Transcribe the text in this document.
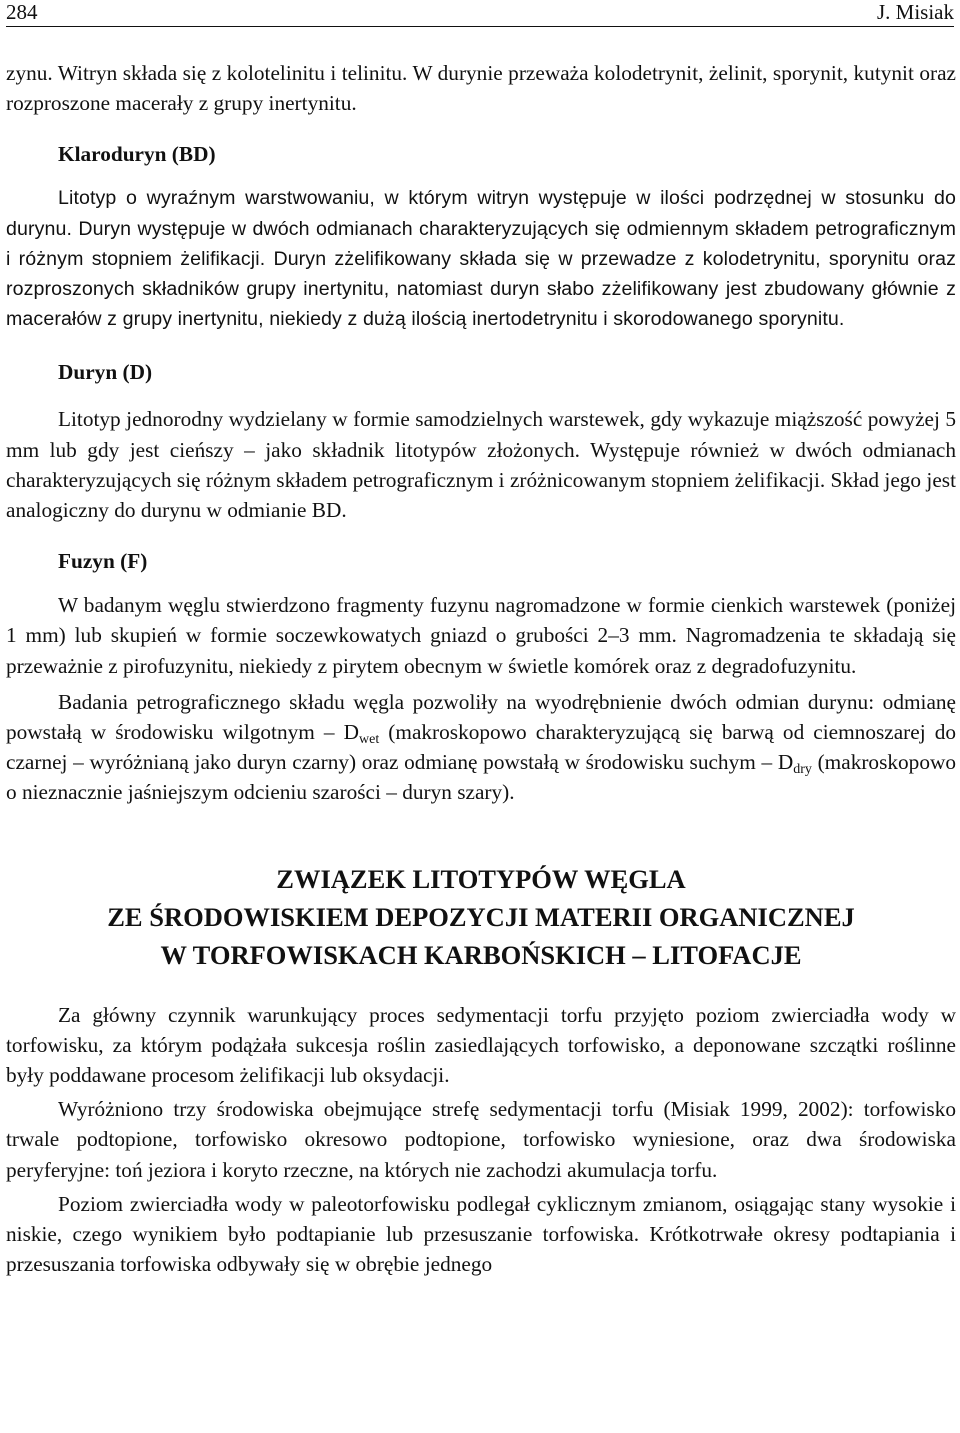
284	J. Misiak

zynu. Witryn składa się z kolotelinitu i telinitu. W durynie przeważa kolodetrynit, żelinit, sporynit, kutynit oraz rozproszone macerały z grupy inertynitu.

Klaroduryn (BD)

Litotyp o wyraźnym warstwowaniu, w którym witryn występuje w ilości podrzędnej w stosunku do durynu. Duryn występuje w dwóch odmianach charakteryzujących się odmiennym składem petrograficznym i różnym stopniem żelifikacji. Duryn zżelifikowany składa się w przewadze z kolodetrynitu, sporynitu oraz rozproszonych składników grupy inertynitu, natomiast duryn słabo zżelifikowany jest zbudowany głównie z macerałów z grupy inertynitu, niekiedy z dużą ilością inertodetrynitu i skorodowanego sporynitu.

Duryn (D)

Litotyp jednorodny wydzielany w formie samodzielnych warstewek, gdy wykazuje miąższość powyżej 5 mm lub gdy jest cieńszy – jako składnik litotypów złożonych. Występuje również w dwóch odmianach charakteryzujących się różnym składem petrograficznym i zróżnicowanym stopniem żelifikacji. Skład jego jest analogiczny do durynu w odmianie BD.

Fuzyn (F)

W badanym węglu stwierdzono fragmenty fuzynu nagromadzone w formie cienkich warstewek (poniżej 1 mm) lub skupień w formie soczewkowatych gniazd o grubości 2–3 mm. Nagromadzenia te składają się przeważnie z pirofuzynitu, niekiedy z pirytem obecnym w świetle komórek oraz z degradofuzynitu.

Badania petrograficznego składu węgla pozwoliły na wyodrębnienie dwóch odmian durynu: odmianę powstałą w środowisku wilgotnym – $D_{wet}$ (makroskopowo charakteryzującą się barwą od ciemnoszarej do czarnej – wyróżnianą jako duryn czarny) oraz odmianę powstałą w środowisku suchym – $D_{dry}$ (makroskopowo o nieznacznie jaśniejszym odcieniu szarości – duryn szary).

ZWIĄZEK LITOTYPÓW WĘGLA
ZE ŚRODOWISKIEM DEPOZYCJI MATERII ORGANICZNEJ
W TORFOWISKACH KARBOŃSKICH – LITOFACJE

Za główny czynnik warunkujący proces sedymentacji torfu przyjęto poziom zwierciadła wody w torfowisku, za którym podążała sukcesja roślin zasiedlających torfowisko, a deponowane szczątki roślinne były poddawane procesom żelifikacji lub oksydacji.

Wyróżniono trzy środowiska obejmujące strefę sedymentacji torfu (Misiak 1999, 2002): torfowisko trwale podtopione, torfowisko okresowo podtopione, torfowisko wyniesione, oraz dwa środowiska peryferyjne: toń jeziora i koryto rzeczne, na których nie zachodzi akumulacja torfu.

Poziom zwierciadła wody w paleotorfowisku podlegał cyklicznym zmianom, osiągając stany wysokie i niskie, czego wynikiem było podtapianie lub przesuszanie torfowiska. Krótkotrwałe okresy podtapiania i przesuszania torfowiska odbywały się w obrębie jednego
